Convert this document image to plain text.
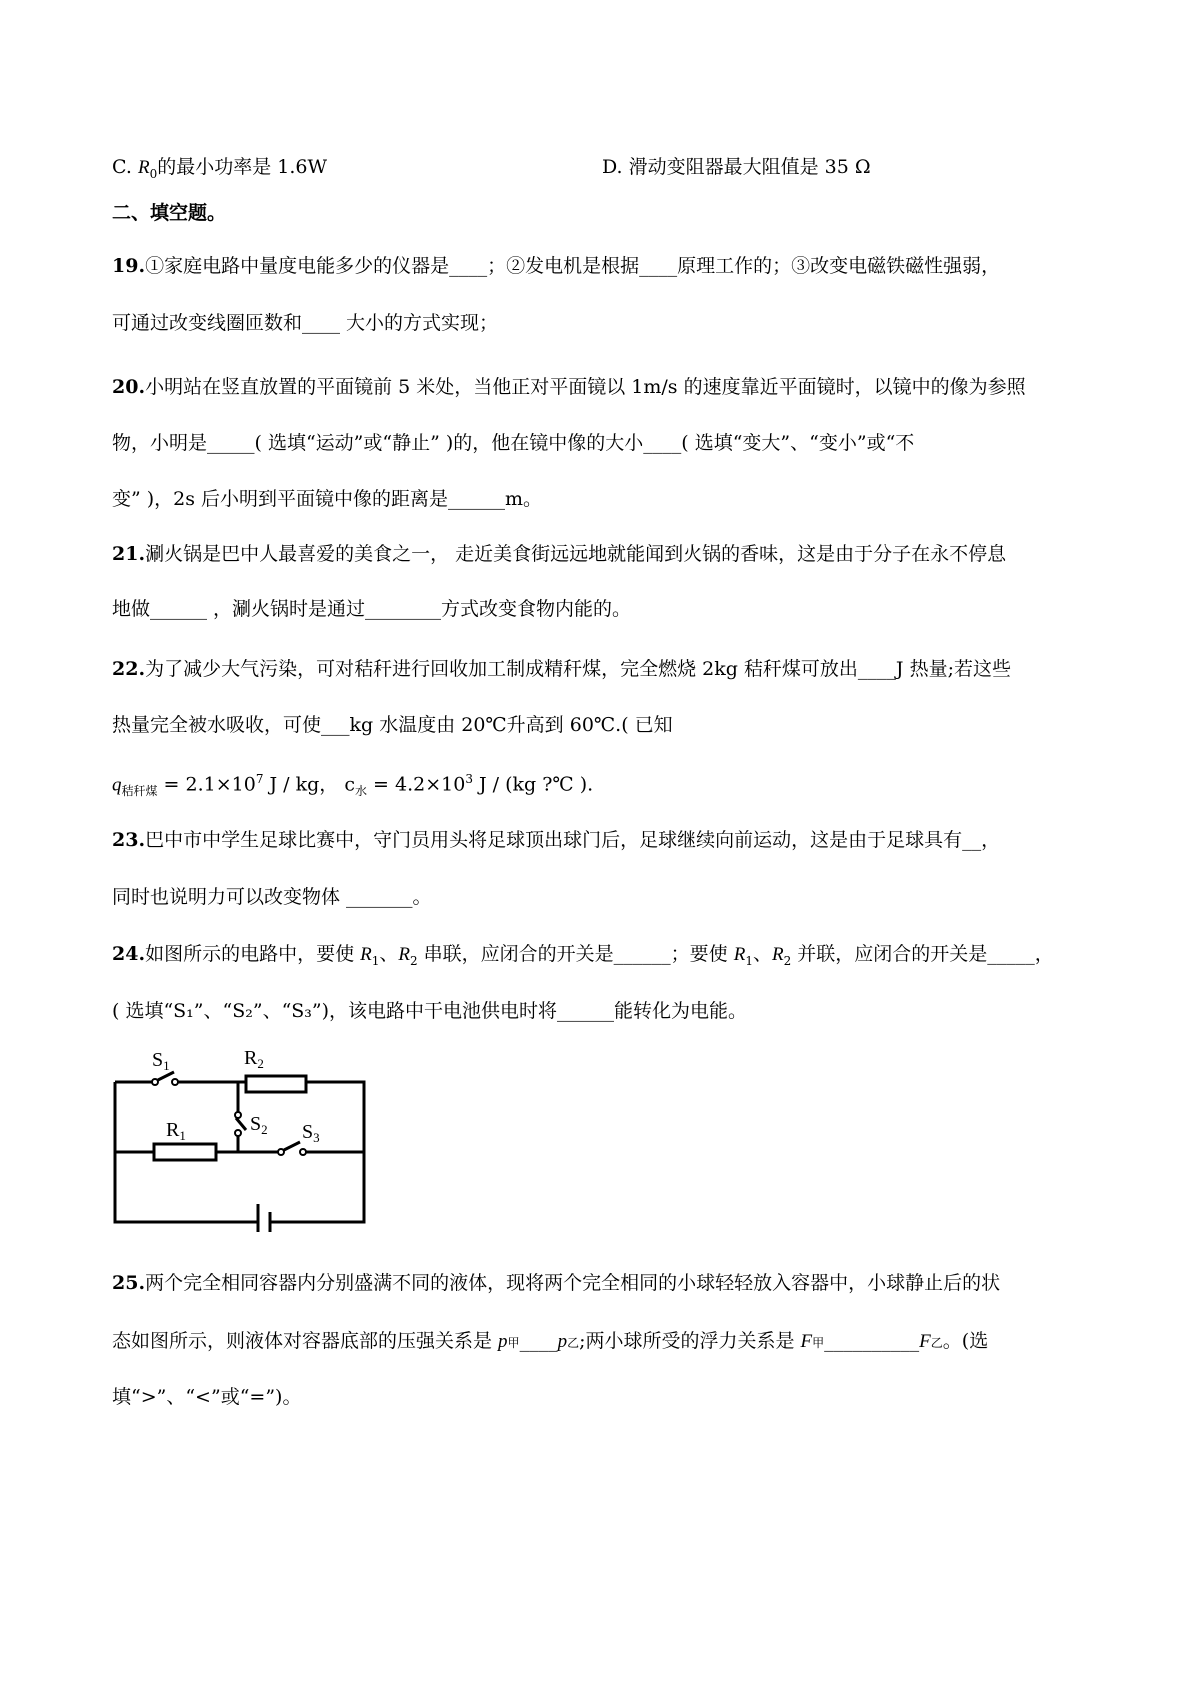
C. $R_0$的最小功率是 1.6W	D. 滑动变阻器最大阻值是 35 Ω
二、填空题。
19.①家庭电路中量度电能多少的仪器是____；②发电机是根据____原理工作的；③改变电磁铁磁性强弱，
可通过改变线圈匝数和____ 大小的方式实现；
20.小明站在竖直放置的平面镜前 5 米处，当他正对平面镜以 1m/s 的速度靠近平面镜时，以镜中的像为参照
物，小明是_____( 选填“运动”或“静止” )的，他在镜中像的大小____( 选填“变大”、“变小”或“不
变” )，2s 后小明到平面镜中像的距离是______m。
21.涮火锅是巴中人最喜爱的美食之一， 走近美食街远远地就能闻到火锅的香味，这是由于分子在永不停息
地做______ ，涮火锅时是通过________方式改变食物内能的。
22.为了减少大气污染，可对秸秆进行回收加工制成精秆煤，完全燃烧 2kg 秸秆煤可放出____J 热量;若这些
热量完全被水吸收，可使___kg 水温度由 20℃升高到 60℃.( 已知
$q_{秸秆煤} = 2.1\times 10^7$ J / kg， $c_水 = 4.2\times 10^3$ J / (kg ?℃ ).
23.巴中市中学生足球比赛中，守门员用头将足球顶出球门后，足球继续向前运动，这是由于足球具有__，
同时也说明力可以改变物体 _______。
24.如图所示的电路中，要使 $R_1$、$R_2$ 串联，应闭合的开关是______；要使 $R_1$、$R_2$ 并联，应闭合的开关是_____，
( 选填“S₁”、“S₂”、“S₃”)，该电路中干电池供电时将______能转化为电能。
$S_1$	$R_2$
$S_2$
$R_1$	$S_3$
25.两个完全相同容器内分别盛满不同的液体，现将两个完全相同的小球轻轻放入容器中，小球静止后的状
态如图所示，则液体对容器底部的压强关系是 p甲____p乙;两小球所受的浮力关系是 F甲__________F乙。(选
填“>”、“<”或“=”)。
